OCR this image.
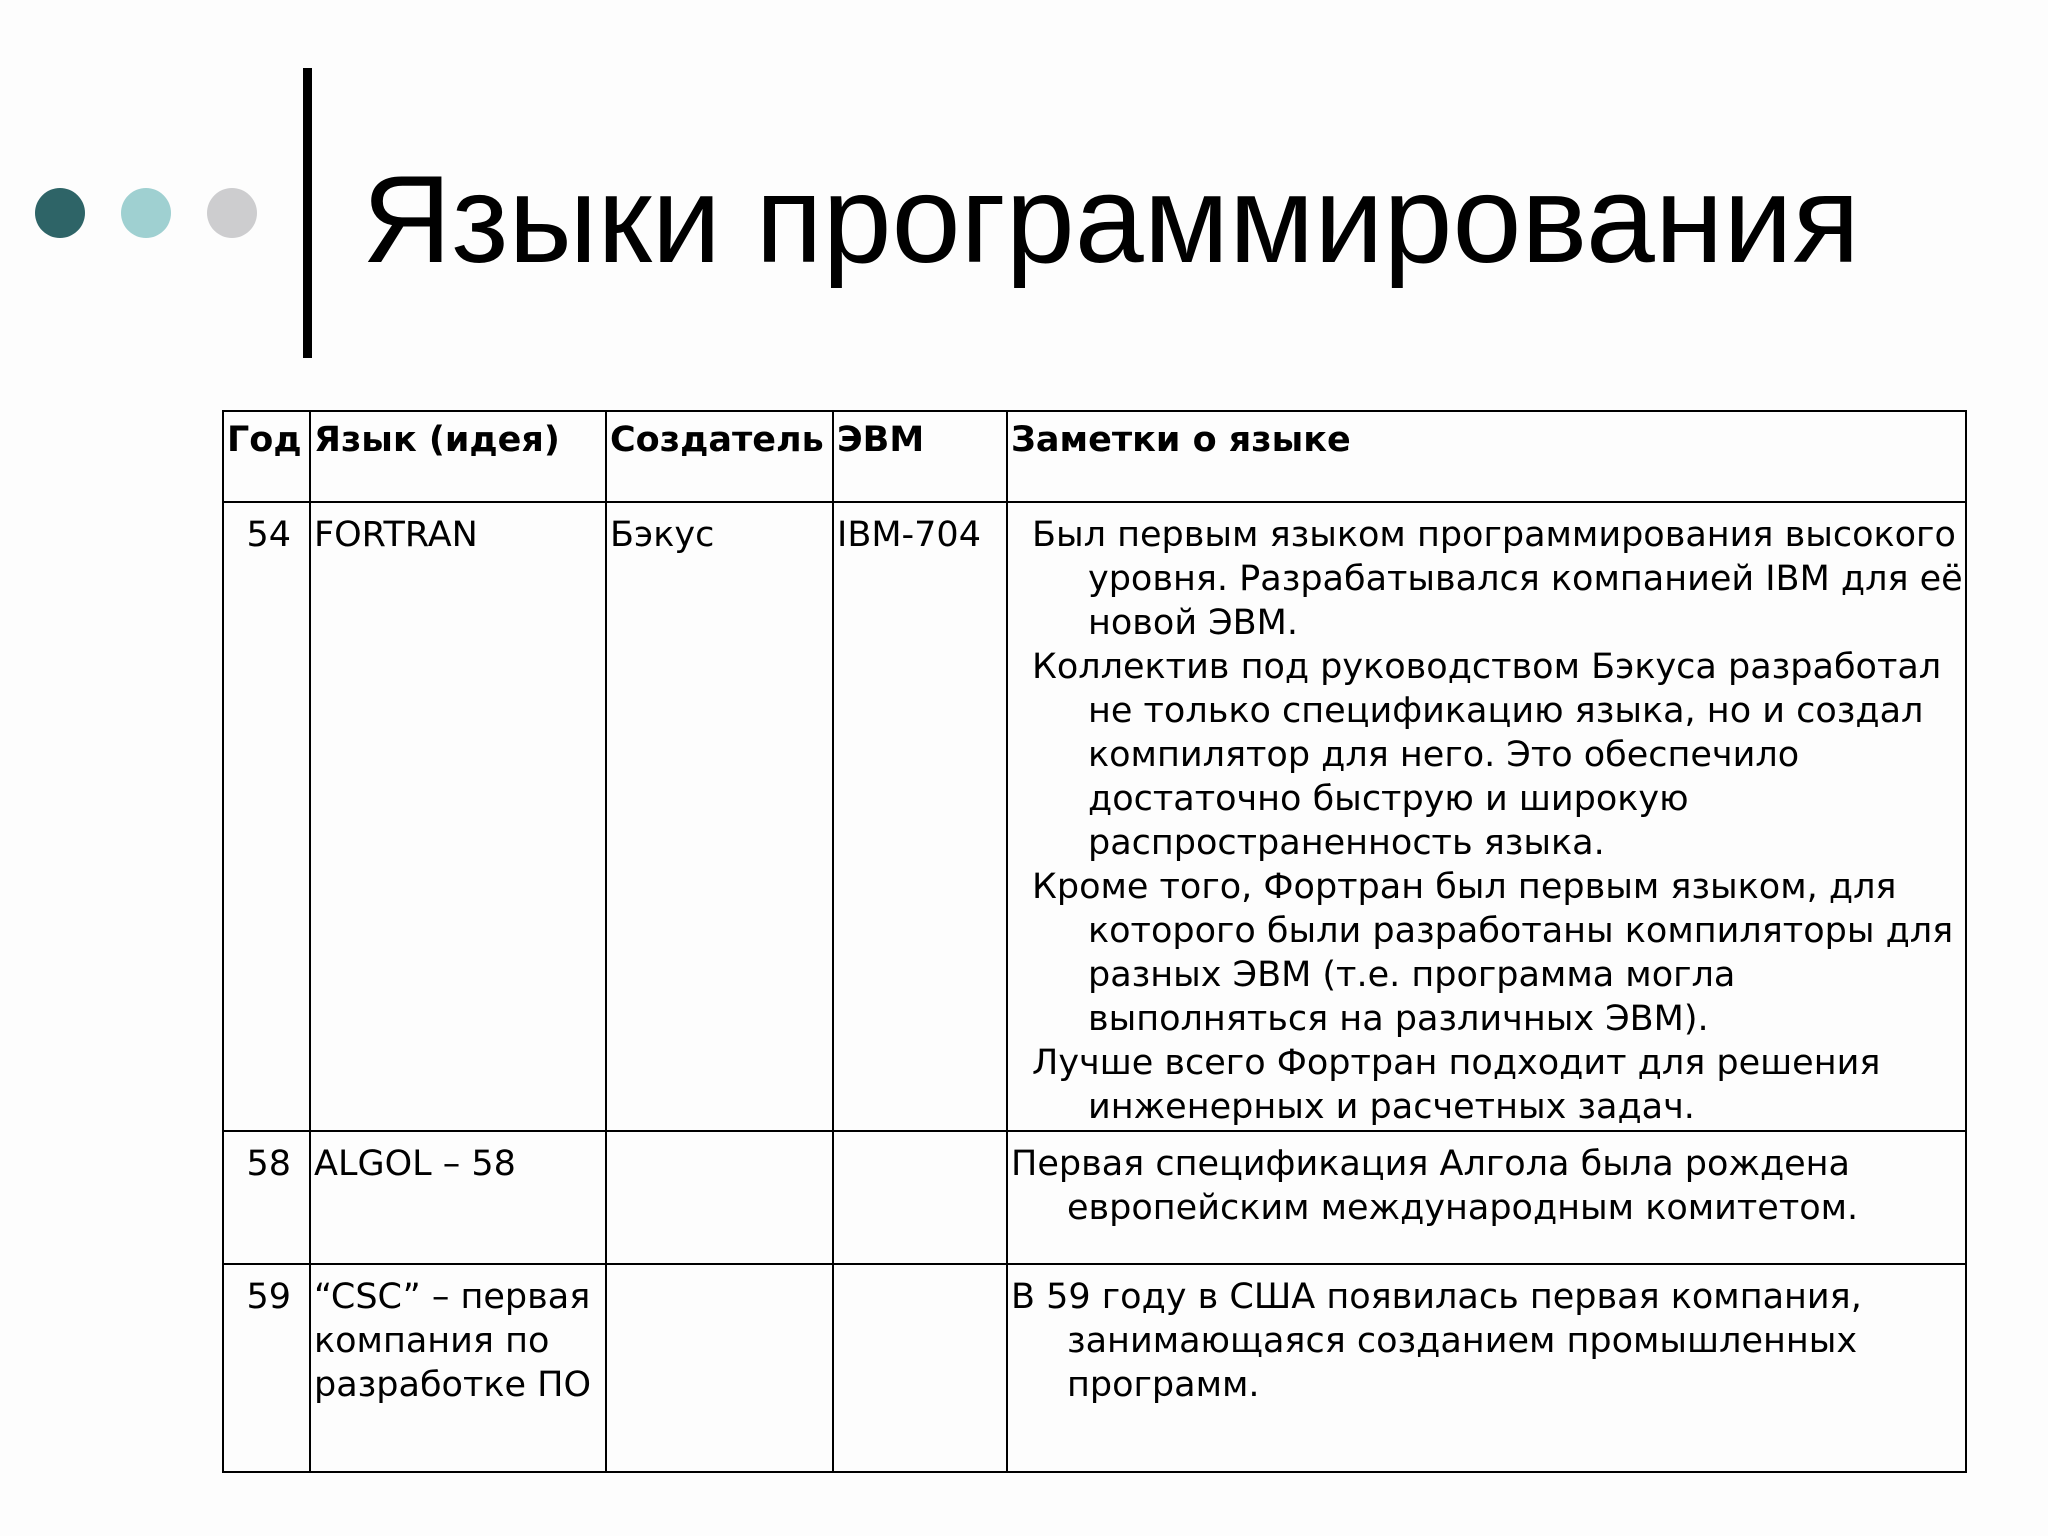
Языки программирования
Год	Язык (идея)	Создатель	ЭВМ	Заметки о языке
54	FORTRAN	Бэкус	IBM-704	Был первым языком программирования высокого уровня. Разрабатывался компанией IBM для её новой ЭВМ.

Коллектив под руководством Бэкуса разработал не только спецификацию языка, но и создал компилятор для него. Это обеспечило достаточно быструю и широкую распространенность языка.

Кроме того, Фортран был первым языком, для которого были разработаны компиляторы для разных ЭВМ (т.е. программа могла выполняться на различных ЭВМ).

Лучше всего Фортран подходит для решения инженерных и расчетных задач.

58	ALGOL – 58			Первая спецификация Алгола была рождена европейским международным комитетом.

59	“CSC” – первая компания по разработке ПО			В 59 году в США появилась первая компания, занимающаяся созданием промышленных программ.
